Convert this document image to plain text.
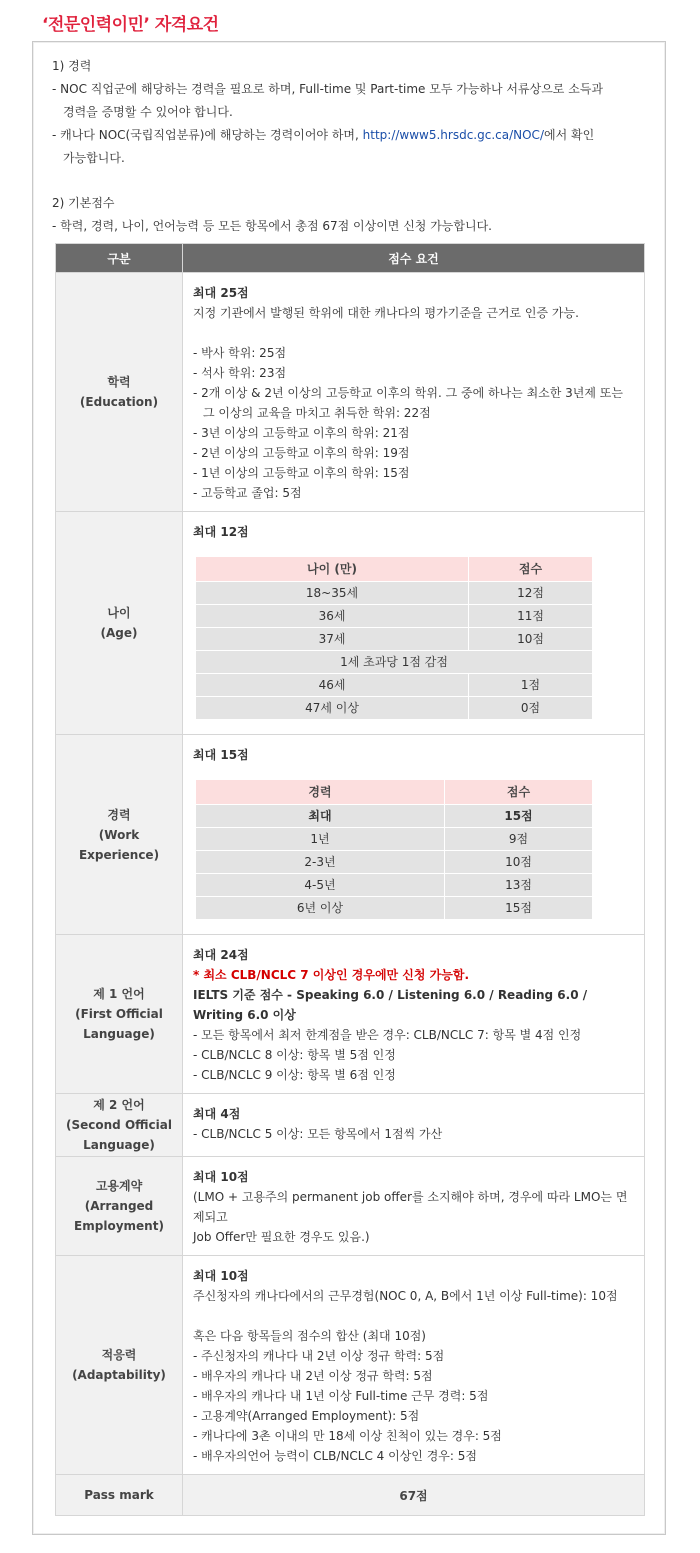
‘전문인력이민’ 자격요건

1) 경력

- NOC 직업군에 해당하는 경력을 필요로 하며, Full-time 및 Part-time 모두 가능하나 서류상으로 소득과

경력을 증명할 수 있어야 합니다.

- 캐나다 NOC(국립직업분류)에 해당하는 경력이어야 하며, http://www5.hrsdc.gc.ca/NOC/에서 확인

가능합니다.

2) 기본점수

- 학력, 경력, 나이, 언어능력 등 모든 항목에서 총점 67점 이상이면 신청 가능합니다.

구분	점수 요건

학력
(Education)

최대 25점
지정 기관에서 발행된 학위에 대한 캐나다의 평가기준을 근거로 인증 가능.
- 박사 학위: 25점
- 석사 학위: 23점
- 2개 이상 & 2년 이상의 고등학교 이후의 학위. 그 중에 하나는 최소한 3년제 또는 그 이상의 교육을 마치고 취득한 학위: 22점
- 3년 이상의 고등학교 이후의 학위: 21점
- 2년 이상의 고등학교 이후의 학위: 19점
- 1년 이상의 고등학교 이후의 학위: 15점
- 고등학교 졸업: 5점

나이
(Age)

최대 12점
나이 (만)	점수
18~35세	12점
36세	11점
37세	10점
1세 초과당 1점 감점
46세	1점
47세 이상	0점

경력
(Work Experience)

최대 15점
경력	점수
최대	15점
1년	9점
2-3년	10점
4-5년	13점
6년 이상	15점

제 1 언어
(First Official
Language)

최대 24점
* 최소 CLB/NCLC 7 이상인 경우에만 신청 가능함.
IELTS 기준 점수 - Speaking 6.0 / Listening 6.0 / Reading 6.0 / Writing 6.0 이상
- 모든 항목에서 최저 한계점을 받은 경우: CLB/NCLC 7: 항목 별 4점 인정
- CLB/NCLC 8 이상: 항목 별 5점 인정
- CLB/NCLC 9 이상: 항목 별 6점 인정

제 2 언어
(Second Official
Language)

최대 4점
- CLB/NCLC 5 이상: 모든 항목에서 1점씩 가산

고용계약
(Arranged
Employment)

최대 10점
(LMO + 고용주의 permanent job offer를 소지해야 하며, 경우에 따라 LMO는 면제되고
Job Offer만 필요한 경우도 있음.)

적응력
(Adaptability)

최대 10점
주신청자의 캐나다에서의 근무경험(NOC 0, A, B에서 1년 이상 Full-time): 10점
혹은 다음 항목들의 점수의 합산 (최대 10점)
- 주신청자의 캐나다 내 2년 이상 정규 학력: 5점
- 배우자의 캐나다 내 2년 이상 정규 학력: 5점
- 배우자의 캐나다 내 1년 이상 Full-time 근무 경력: 5점
- 고용계약(Arranged Employment): 5점
- 캐나다에 3촌 이내의 만 18세 이상 친척이 있는 경우: 5점
- 배우자의언어 능력이 CLB/NCLC 4 이상인 경우: 5점

Pass mark	67점
